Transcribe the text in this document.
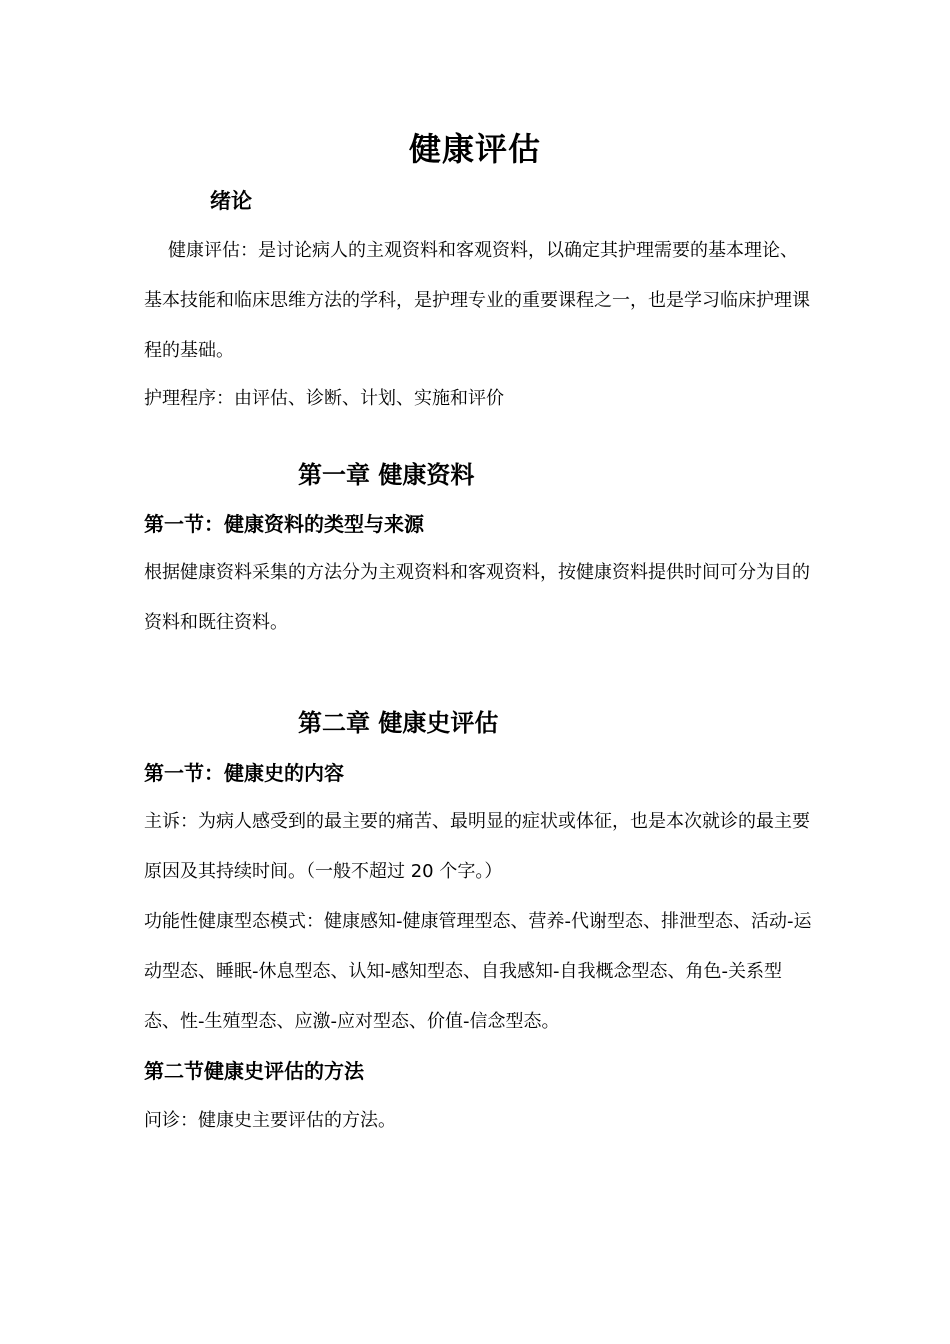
健康评估
绪论
健康评估：是讨论病人的主观资料和客观资料，以确定其护理需要的基本理论、基本技能和临床思维方法的学科，是护理专业的重要课程之一，也是学习临床护理课程的基础。
护理程序：由评估、诊断、计划、实施和评价
第一章 健康资料
第一节：健康资料的类型与来源
根据健康资料采集的方法分为主观资料和客观资料，按健康资料提供时间可分为目的资料和既往资料。
第二章 健康史评估
第一节：健康史的内容
主诉：为病人感受到的最主要的痛苦、最明显的症状或体征，也是本次就诊的最主要原因及其持续时间。（一般不超过 20 个字。）
功能性健康型态模式：健康感知-健康管理型态、营养-代谢型态、排泄型态、活动-运动型态、睡眠-休息型态、认知-感知型态、自我感知-自我概念型态、角色-关系型态、性-生殖型态、应激-应对型态、价值-信念型态。
第二节健康史评估的方法
问诊：健康史主要评估的方法。
